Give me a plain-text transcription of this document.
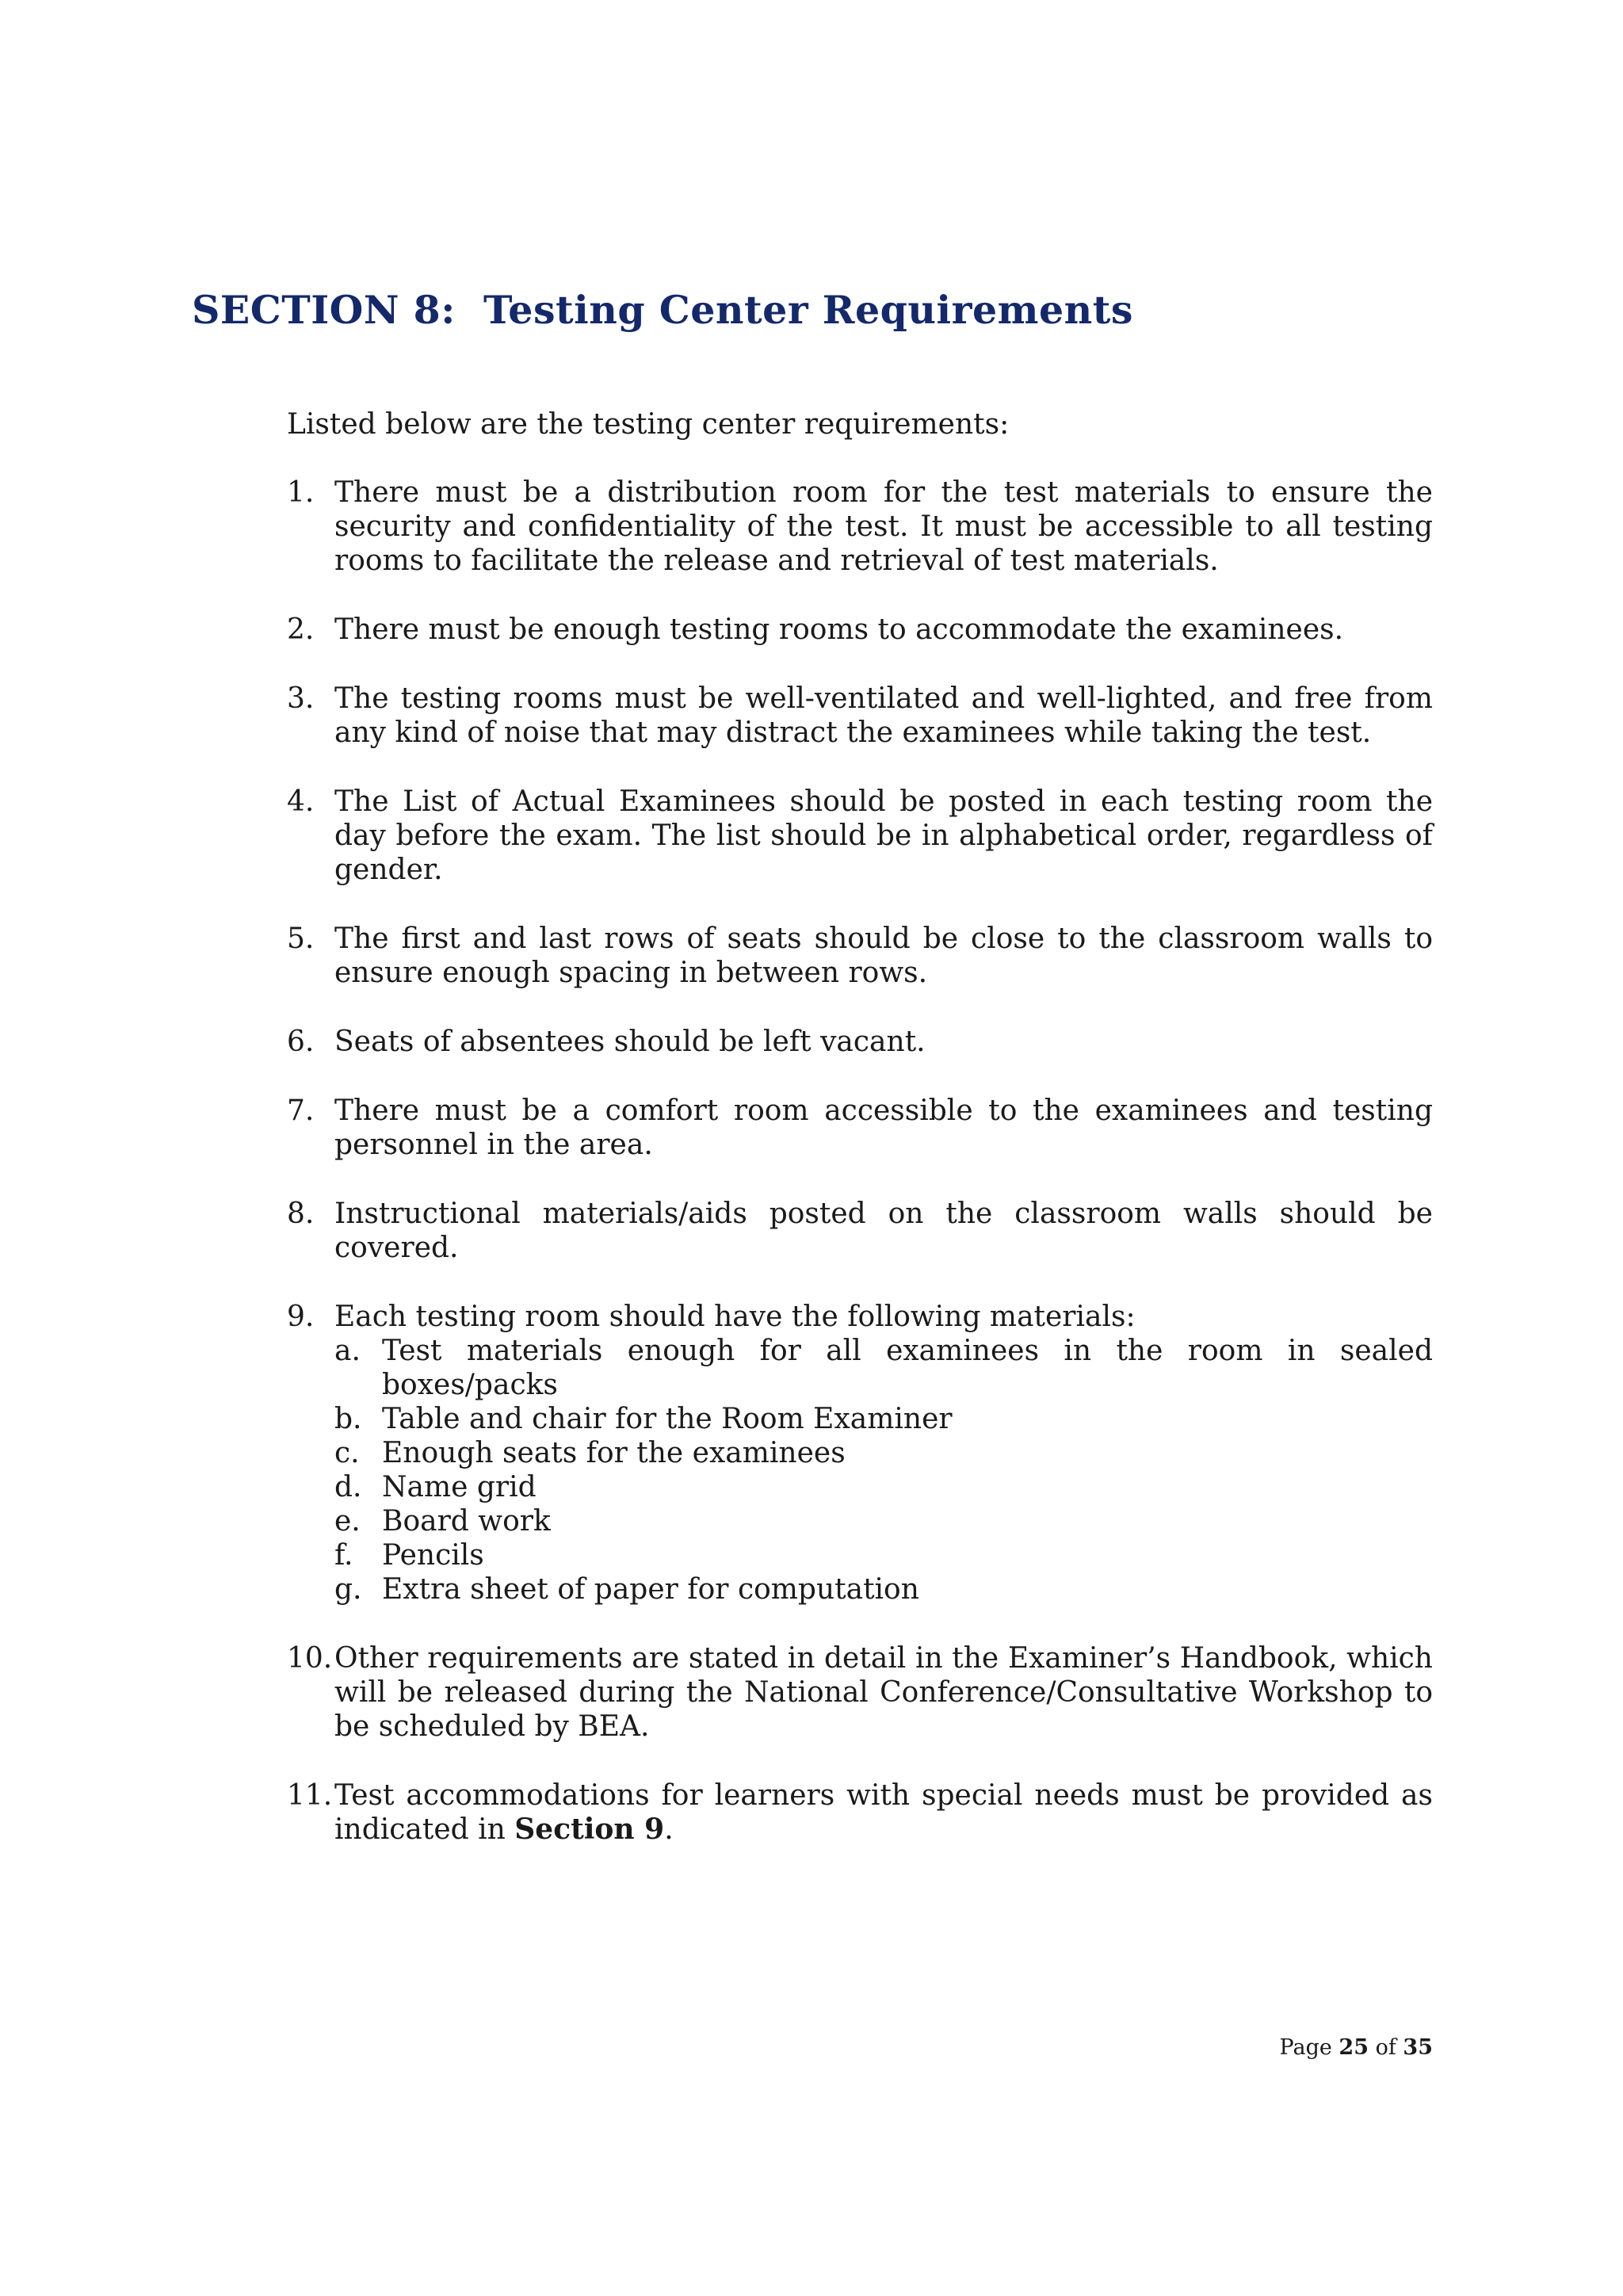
SECTION 8:  Testing Center Requirements

Listed below are the testing center requirements:

1. There must be a distribution room for the test materials to ensure the security and confidentiality of the test. It must be accessible to all testing rooms to facilitate the release and retrieval of test materials.
2. There must be enough testing rooms to accommodate the examinees.
3. The testing rooms must be well-ventilated and well-lighted, and free from any kind of noise that may distract the examinees while taking the test.
4. The List of Actual Examinees should be posted in each testing room the day before the exam. The list should be in alphabetical order, regardless of gender.
5. The first and last rows of seats should be close to the classroom walls to ensure enough spacing in between rows.
6. Seats of absentees should be left vacant.
7. There must be a comfort room accessible to the examinees and testing personnel in the area.
8. Instructional materials/aids posted on the classroom walls should be covered.
9. Each testing room should have the following materials:
a. Test materials enough for all examinees in the room in sealed boxes/packs
b. Table and chair for the Room Examiner
c. Enough seats for the examinees
d. Name grid
e. Board work
f. Pencils
g. Extra sheet of paper for computation
10. Other requirements are stated in detail in the Examiner’s Handbook, which will be released during the National Conference/Consultative Workshop to be scheduled by BEA.
11. Test accommodations for learners with special needs must be provided as indicated in Section 9.
Page 25 of 35
